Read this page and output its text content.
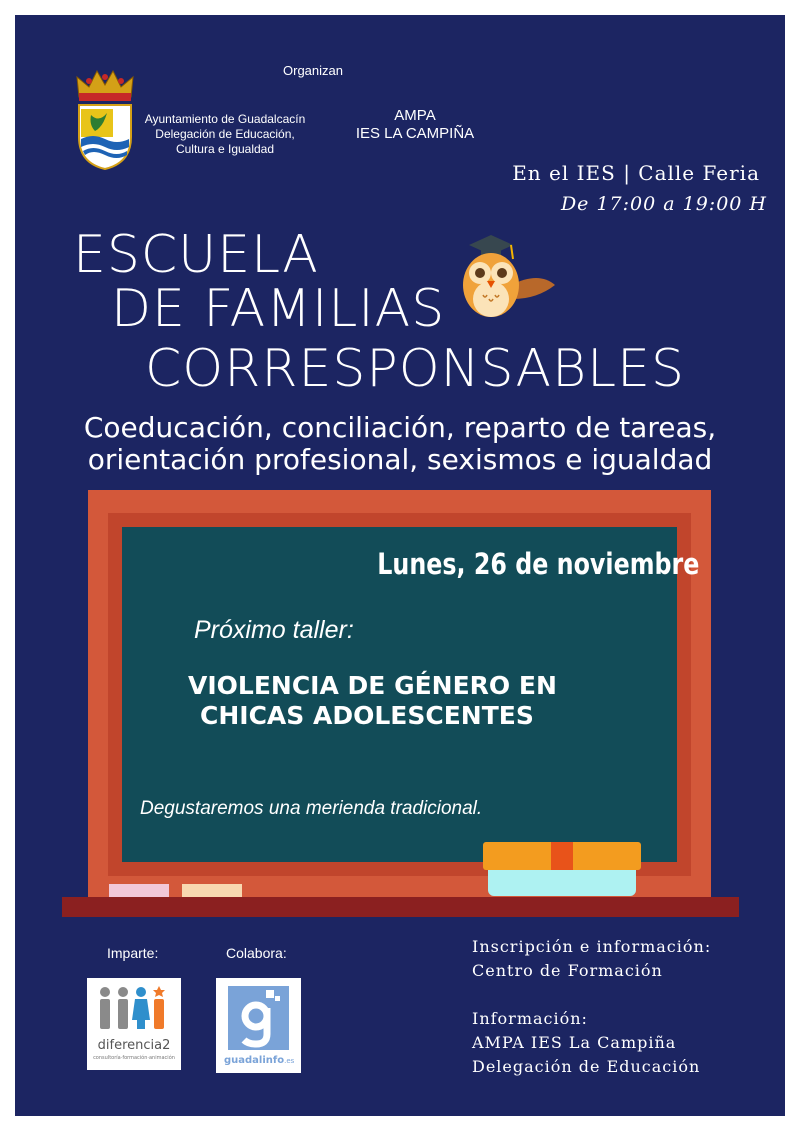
Organizan
Ayuntamiento de Guadalcacín
Delegación de Educación,
Cultura e Igualdad
AMPA
IES LA CAMPIÑA
En el IES | Calle Feria
De 17:00 a 19:00 H
ESCUELA
DE FAMILIAS
CORRESPONSABLES
Coeducación, conciliación, reparto de tareas,
orientación profesional, sexismos e igualdad
Lunes, 26 de noviembre
Próximo taller:
VIOLENCIA DE GÉNERO EN
CHICAS ADOLESCENTES
Degustaremos una merienda tradicional.
Imparte:	Colabora:
diferencia2
consultoría·formación·animación	guadalinfo.es
Inscripción e información:
Centro de Formación
Información:
AMPA IES La Campiña
Delegación de Educación
